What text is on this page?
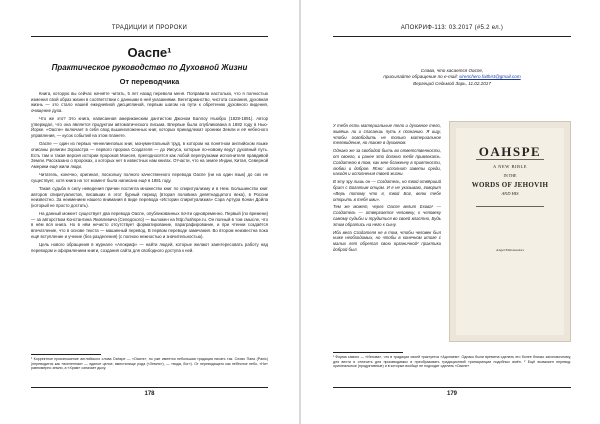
ТРАДИЦИИ И ПРОРОКИ
Оаспе¹
Практическое руководство по Духовной Жизни
От переводчика

Книга, которую вы сейчас начнёте читать, 5 лет назад перевела меня. Поправила настолько, что я полностью изменил свой образ жизни в соответствии с данными в ней указаниями. Вегетарианство, чистота сознания, духовная жизнь — это стало нашей ежедневной дисциплиной, первым шагом на пути к обретению духовного видения, очищение духа.

Что же это? Это книга, написанная американским дантистом Джоном Баллоу Ньюбро (1828-1891). Автор утверждал, что она является продуктом автоматического письма. Впервые была опубликована в 1882 году в Нью-Йорке. «Оаспе» включает в себя свод вышеизложенных книг, которых принадлежат хроники Земли и её небесного управления, — кусок событий на этом планете.

Оаспе — один из первых ченнелинговых книг, монументальный труд, в котором на понятном английском языке описаны религии Зороастра — первого пророка Создателя — до Иисуса, которые по-новому ведут духовный путь. Есть там и такая версия истории пророков Моисея, преподносятся как лобой перегрузками исполнителя правдивой Земли. Рассказано о пророках, о которых нет в известных нам книгах. Отчасти, что на земле Индии, Китая, Северной Америки ещё жили люди.

Читатель, конечно, оригинал, поскольку полного качественного перевода Оаспе (ни на один язык) до сих не существует, хотя книга на тот момент была написана ещё в 1881 году.

Такая судьба в силу неведения причин постигла множество книг по спиритуализму и в Нем. Большинство книг авторов спиритуалистов, писавших в этот бурный период (вторая половина девятнадцатого века), в России неизвестно. За неимением нашего внимания в виде перевода «Истории спиритуализма» Сэра Артура Конан Дойла (который не просто достать).

На данный момент существует два перевода Оаспе, опубликованных почти одновременно. Первый (по времени) — за авторством Константина Яковлевича (Селедского) — выложен на http://oahspe.ru. Он полный в том смысле, что в нём вся книга. Но в нём нечисто отсутствует форматирование, параграфирование, и при чтении создаётся впечатление, что в основе текста — машинный перевод. В первом переводе замечания. Во втором неизвестна пока ещё вступление и учение (без разделения) (с полною нежностью и значительностью).

Цель нового обращения в журнале «Апокриф» — найти людей, которые желают заинтересовать работу над переводом и оформлением книги, создания сайта для свободного доступа к ней.

¹ Корректное произношение английского слова Oahspe — «Оаспэ», но уже имеется небольшая традиция писать так. Слово Пана (Panic) (переводится как «вселенная» — единое целое, вместилище рода («Земля»), — «вода, бог»). От переводящего как небесное небо, «Ни» равномерно земли, а «Храм» означает дыху.
178
АПОКРИФ-113: 03.2017 (#5.2 ел.)
Слава, что касается Оаспе,
присылайте обращение по e-mail: sirenchero.faithist@gmail.com
Вергеций Седьмой Зарь, 11.02.2017

У тебя есть материальные тело и духовное тело, живёшь ли и спасаешь путь к познанию. Я ищу, чтобы освободить не только материальное телевидение, но также в духовном.

Однако же за свободой быть во ответственности, от своего, и ранее это должно тебя привлекать. Создателю в том, как мне блаженну в приятности, любви и доброе. Ясно: исполнит заветы среди, находя и исполнения твоей жизни.

В эту эру лишь он — Создатель, но твой отвёрший брат с Богатым отцом. И я не указываю, говорит «Верь потому что я, твой Бог, велю тебе открыть в тебя ими».

Тем же может, через Оаспе велит Ехова¹ — Создатель — отвергается человеку, к человеку самому судьбы и трудиться во своей властно, Будь этим обратись на него к сыну.

Иба вела Создателя не в том, чтобы человек был ниже необходимых, но чтобы в конечном итоге с малых лет обретал свою органичной² практики доброй был.

OAHSPE
A NEW BIBLE
IN THE
WORDS OF JEHOVIH
AND HIS
Angel Embassadors
¹ Форма самого — «Иехова», что в традиции своей трактуется «Адонаем». Однако были времена сделать это более близко заголовочному, для вести и отличить для производимых в преобразовать традиционной транскрипции подобных имён. ² Ещё возможен перевод: оригинальные (продуктивные) и в которые вообще не подходит сделать «Оаспе»
179
